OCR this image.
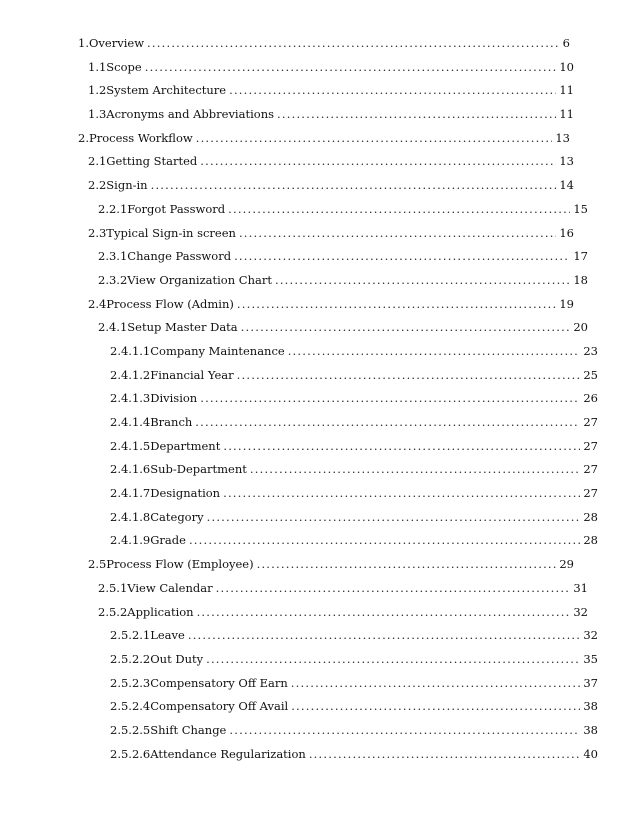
1. Overview .....	6
1.1 Scope .....	10
1.2 System Architecture .....	11
1.3 Acronyms and Abbreviations .....	11
2. Process Workflow .....	13
2.1 Getting Started .....	13
2.2 Sign-in .....	14
2.2.1 Forgot Password .....	15
2.3 Typical Sign-in screen .....	16
2.3.1 Change Password .....	17
2.3.2 View Organization Chart .....	18
2.4 Process Flow (Admin) .....	19
2.4.1 Setup Master Data .....	20
2.4.1.1 Company Maintenance .....	23
2.4.1.2 Financial Year .....	25
2.4.1.3 Division .....	26
2.4.1.4 Branch .....	27
2.4.1.5 Department .....	27
2.4.1.6 Sub-Department .....	27
2.4.1.7 Designation .....	27
2.4.1.8 Category .....	28
2.4.1.9 Grade .....	28
2.5 Process Flow (Employee) .....	29
2.5.1 View Calendar .....	31
2.5.2 Application .....	32
2.5.2.1 Leave .....	32
2.5.2.2 Out Duty .....	35
2.5.2.3 Compensatory Off Earn .....	37
2.5.2.4 Compensatory Off Avail .....	38
2.5.2.5 Shift Change .....	38
2.5.2.6 Attendance Regularization .....	40
